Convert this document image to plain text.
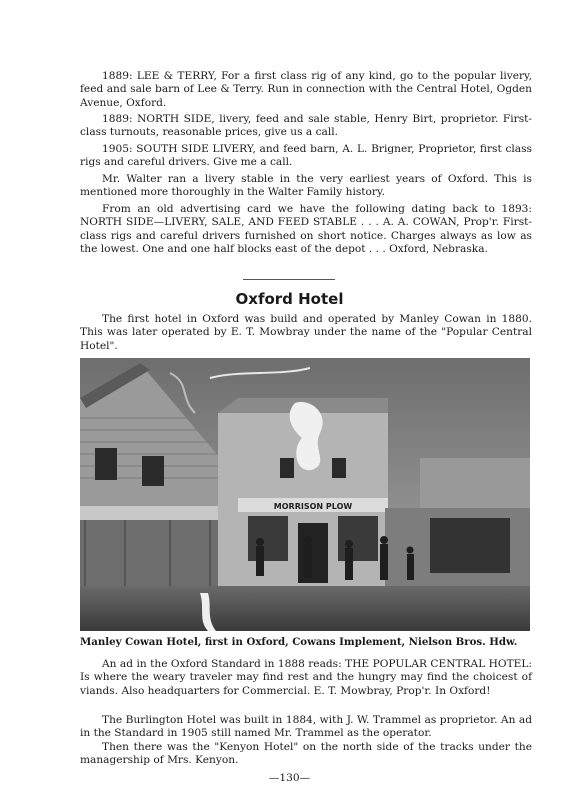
1889: LEE & TERRY, For a first class rig of any kind, go to the popular livery, feed and sale barn of Lee & Terry. Run in connection with the Central Hotel, Ogden Avenue, Oxford.

1889: NORTH SIDE, livery, feed and sale stable, Henry Birt, proprietor. First-class turnouts, reasonable prices, give us a call.

1905: SOUTH SIDE LIVERY, and feed barn, A. L. Brigner, Proprietor, first class rigs and careful drivers. Give me a call.

Mr. Walter ran a livery stable in the very earliest years of Oxford. This is mentioned more thoroughly in the Walter Family history.

From an old advertising card we have the following dating back to 1893: NORTH SIDE—LIVERY, SALE, AND FEED STABLE . . . A. A. COWAN, Prop'r. First-class rigs and careful drivers furnished on short notice. Charges always as low as the lowest. One and one half blocks east of the depot . . . Oxford, Nebraska.

Oxford Hotel

The first hotel in Oxford was build and operated by Manley Cowan in 1880. This was later operated by E. T. Mowbray under the name of the "Popular Central Hotel".

MORRISON PLOW

Manley Cowan Hotel, first in Oxford, Cowans Implement, Nielson Bros. Hdw.

An ad in the Oxford Standard in 1888 reads: THE POPULAR CENTRAL HOTEL: Is where the weary traveler may find rest and the hungry may find the choicest of viands. Also headquarters for Commercial. E. T. Mowbray, Prop'r. In Oxford!

The Burlington Hotel was built in 1884, with J. W. Trammel as proprietor. An ad in the Standard in 1905 still named Mr. Trammel as the operator.

Then there was the "Kenyon Hotel" on the north side of the tracks under the managership of Mrs. Kenyon.

—130—
